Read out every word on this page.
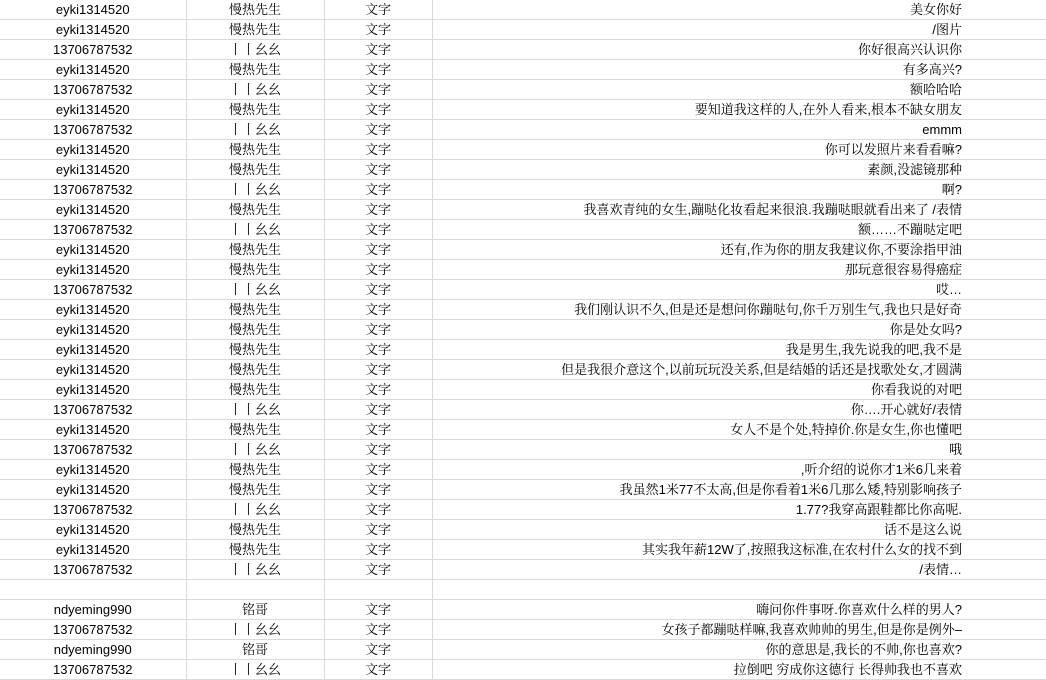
eyki1314520	慢热先生	文字	美女你好
eyki1314520	慢热先生	文字	/图片
13706787532	丨丨幺幺	文字	你好很高兴认识你
eyki1314520	慢热先生	文字	有多高兴?
13706787532	丨丨幺幺	文字	额哈哈哈
eyki1314520	慢热先生	文字	要知道我这样的人,在外人看来,根本不缺女朋友
13706787532	丨丨幺幺	文字	emmm
eyki1314520	慢热先生	文字	你可以发照片来看看嘛?
eyki1314520	慢热先生	文字	素颜,没滤镜那种
13706787532	丨丨幺幺	文字	啊?
eyki1314520	慢热先生	文字	我喜欢青纯的女生,蹦哒化妆看起来很浪.我蹦哒眼就看出来了 /表情
13706787532	丨丨幺幺	文字	额……不蹦哒定吧
eyki1314520	慢热先生	文字	还有,作为你的朋友我建议你,不要涂指甲油
eyki1314520	慢热先生	文字	那玩意很容易得癌症
13706787532	丨丨幺幺	文字	哎…
eyki1314520	慢热先生	文字	我们刚认识不久,但是还是想问你蹦哒句,你千万别生气,我也只是好奇
eyki1314520	慢热先生	文字	你是处女吗?
eyki1314520	慢热先生	文字	我是男生,我先说我的吧,我不是
eyki1314520	慢热先生	文字	但是我很介意这个,以前玩玩没关系,但是结婚的话还是找歌处女,才圆满
eyki1314520	慢热先生	文字	你看我说的对吧
13706787532	丨丨幺幺	文字	你….开心就好/表情
eyki1314520	慢热先生	文字	女人不是个处,特掉价.你是女生,你也懂吧
13706787532	丨丨幺幺	文字	哦
eyki1314520	慢热先生	文字	,听介绍的说你才1米6几来着
eyki1314520	慢热先生	文字	我虽然1米77不太高,但是你看着1米6几那么矮,特别影响孩子
13706787532	丨丨幺幺	文字	1.77?我穿高跟鞋都比你高呢.
eyki1314520	慢热先生	文字	话不是这么说
eyki1314520	慢热先生	文字	其实我年薪12W了,按照我这标准,在农村什么女的找不到
13706787532	丨丨幺幺	文字	/表情…

ndyeming990	铭哥	文字	嗨问你件事呀.你喜欢什么样的男人?
13706787532	丨丨幺幺	文字	女孩子都蹦哒样嘛,我喜欢帅帅的男生,但是你是例外–
ndyeming990	铭哥	文字	你的意思是,我长的不帅,你也喜欢?
13706787532	丨丨幺幺	文字	拉倒吧 穷成你这德行 长得帅我也不喜欢
